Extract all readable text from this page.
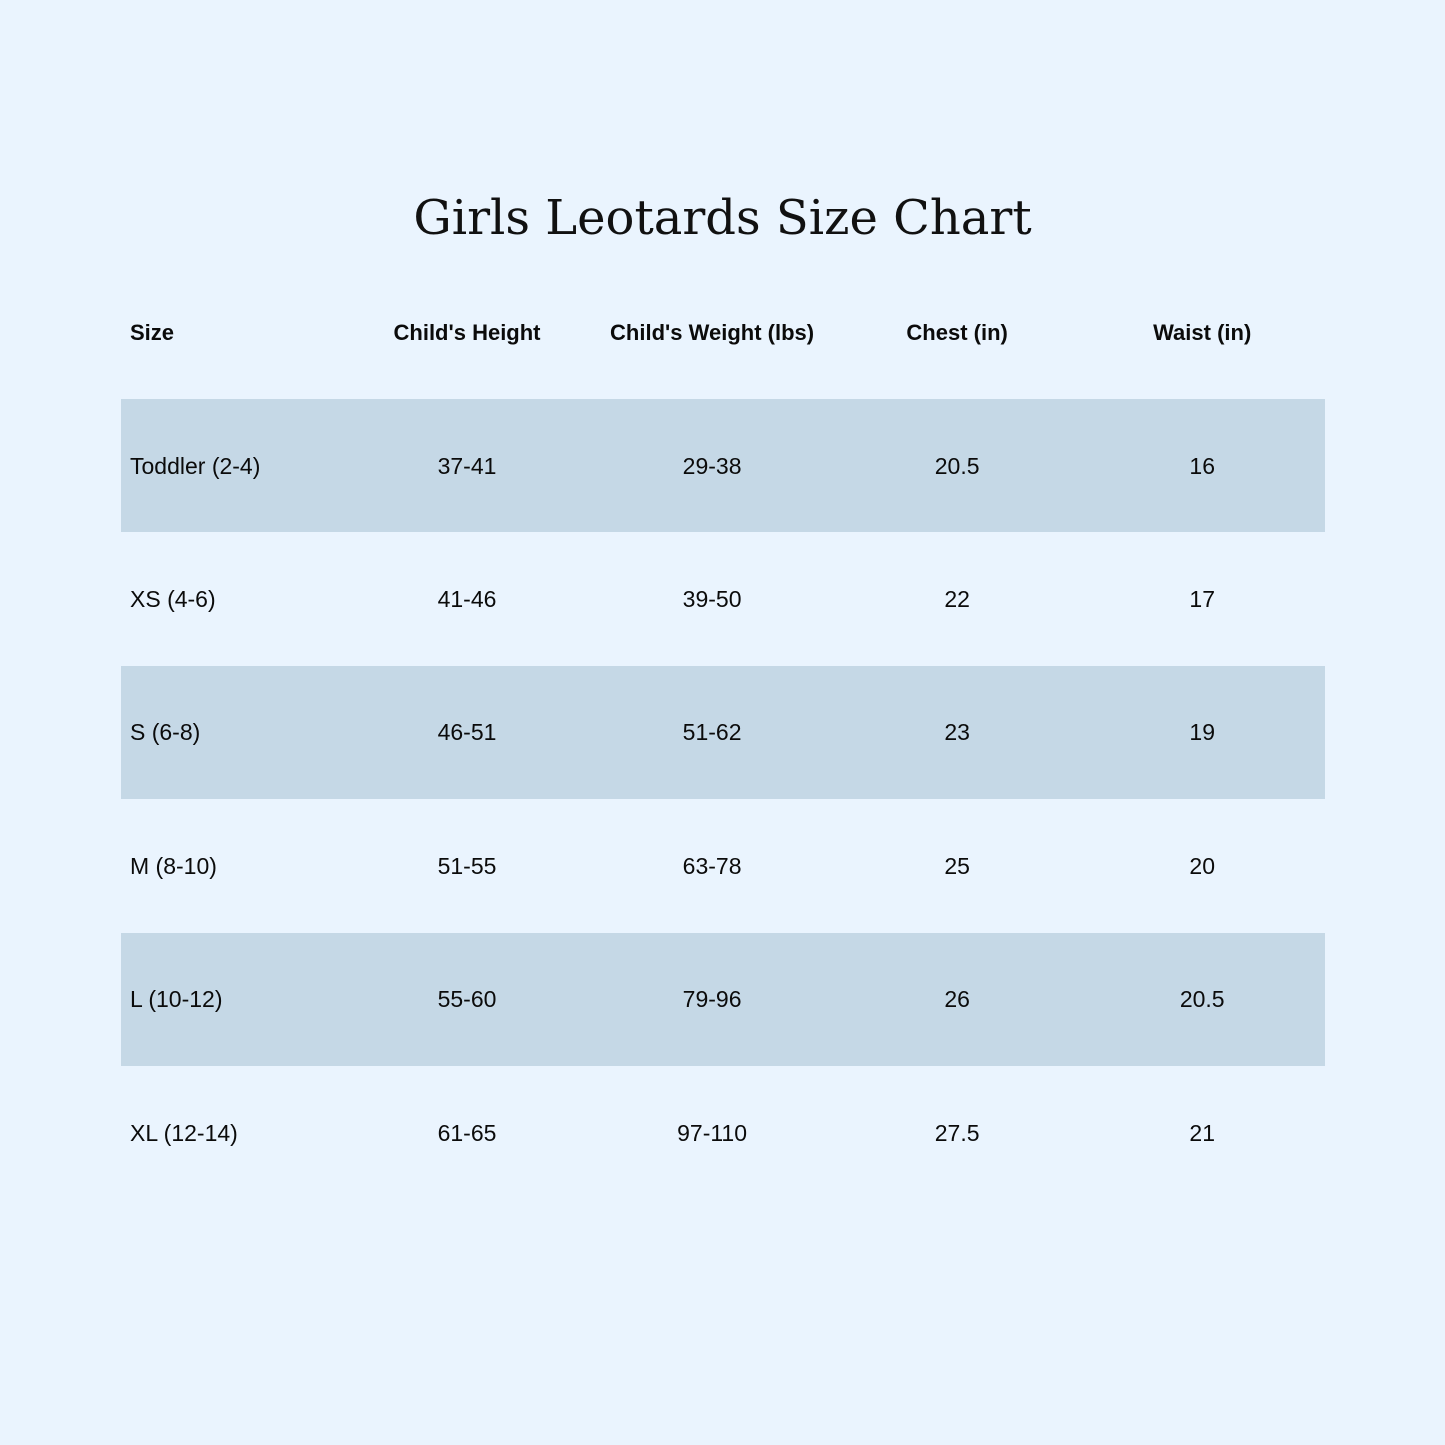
Girls Leotards Size Chart
Size	Child's Height	Child's Weight (lbs)	Chest (in)	Waist (in)
Toddler (2-4)	37-41	29-38	20.5	16
XS (4-6)	41-46	39-50	22	17
S (6-8)	46-51	51-62	23	19
M (8-10)	51-55	63-78	25	20
L (10-12)	55-60	79-96	26	20.5
XL (12-14)	61-65	97-110	27.5	21
